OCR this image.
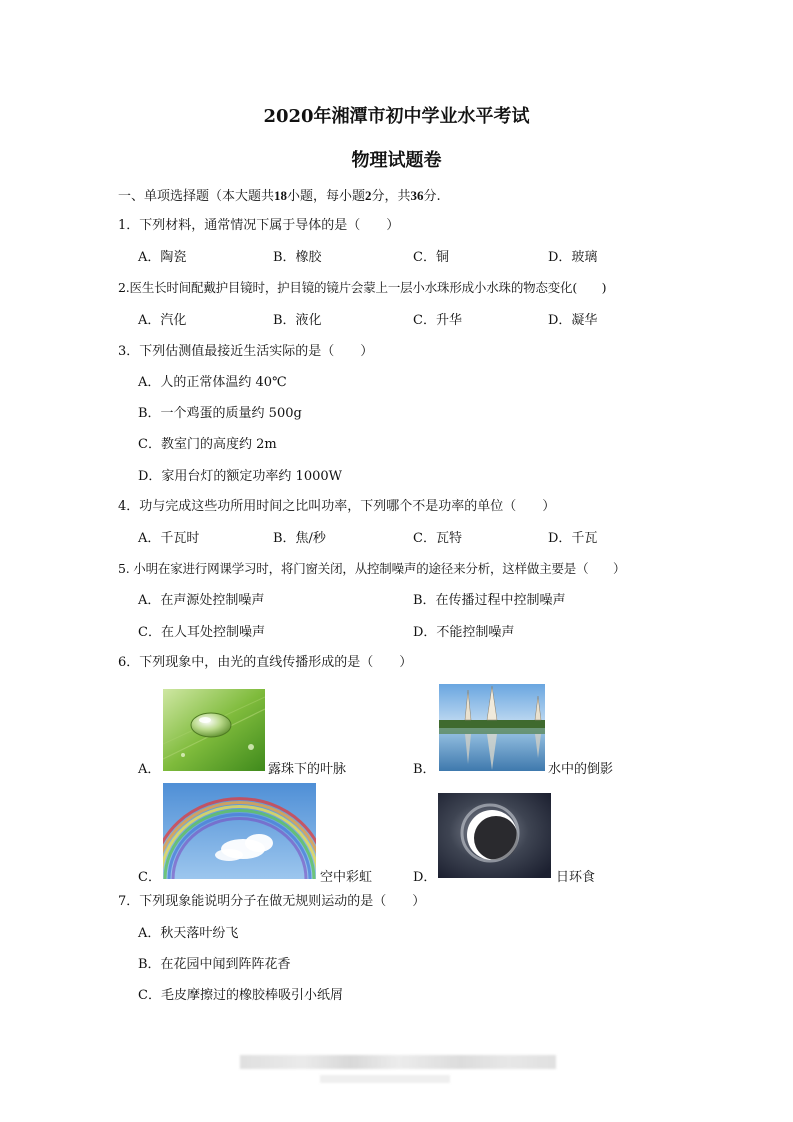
2020年湘潭市初中学业水平考试
物理试题卷
一、单项选择题（本大题共18小题，每小题2分，共36分.
1．下列材料，通常情况下属于导体的是（　　）
A．陶瓷	B．橡胶	C．铜	D．玻璃
2.医生长时间配戴护目镜时，护目镜的镜片会蒙上一层小水珠形成小水珠的物态变化(　　)
A．汽化	B．液化	C．升华	D．凝华
3．下列估测值最接近生活实际的是（　　）
A．人的正常体温约 40℃
B．一个鸡蛋的质量约 500g
C．教室门的高度约 2m
D．家用台灯的额定功率约 1000W
4．功与完成这些功所用时间之比叫功率，下列哪个不是功率的单位（　　）
A．千瓦时	B．焦/秒	C．瓦特	D．千瓦
5. 小明在家进行网课学习时，将门窗关闭，从控制噪声的途径来分析，这样做主要是（　　）
A．在声源处控制噪声	B．在传播过程中控制噪声
C．在人耳处控制噪声	D．不能控制噪声
6．下列现象中，由光的直线传播形成的是（　　）
A．	露珠下的叶脉	B．	水中的倒影
C．	空中彩虹	D．	日环食
7．下列现象能说明分子在做无规则运动的是（　　）
A．秋天落叶纷飞
B．在花园中闻到阵阵花香
C．毛皮摩擦过的橡胶棒吸引小纸屑
